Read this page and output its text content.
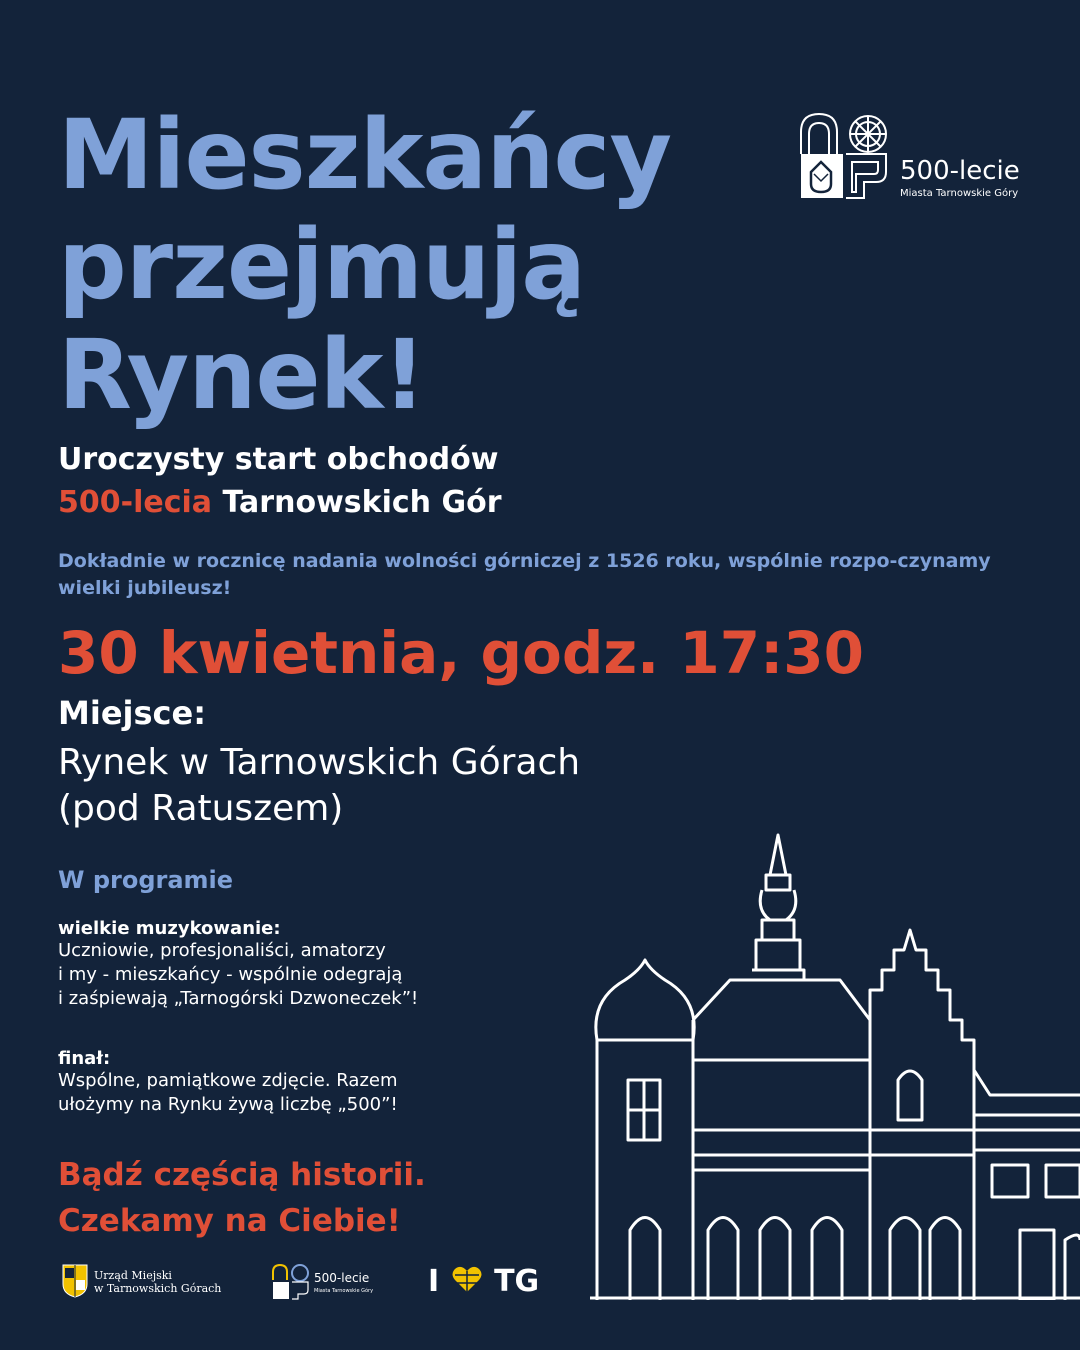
Mieszkańcy
przejmują
Rynek!
500-lecie
Miasta Tarnowskie Góry
Uroczysty start obchodów
500-lecia Tarnowskich Gór
Dokładnie w rocznicę nadania wolności górniczej z 1526 roku, wspólnie rozpo-czynamy wielki jubileusz!
30 kwietnia, godz. 17:30
Miejsce:
Rynek w Tarnowskich Górach
(pod Ratuszem)
W programie
wielkie muzykowanie:
Uczniowie, profesjonaliści, amatorzy
i my - mieszkańcy - wspólnie odegrają
i zaśpiewają „Tarnogórski Dzwoneczek”!
finał:
Wspólne, pamiątkowe zdjęcie. Razem
ułożymy na Rynku żywą liczbę „500”!
Bądź częścią historii.
Czekamy na Ciebie!
Urząd Miejski
w Tarnowskich Górach
500-lecie
Miasta Tarnowskie Góry I TG
